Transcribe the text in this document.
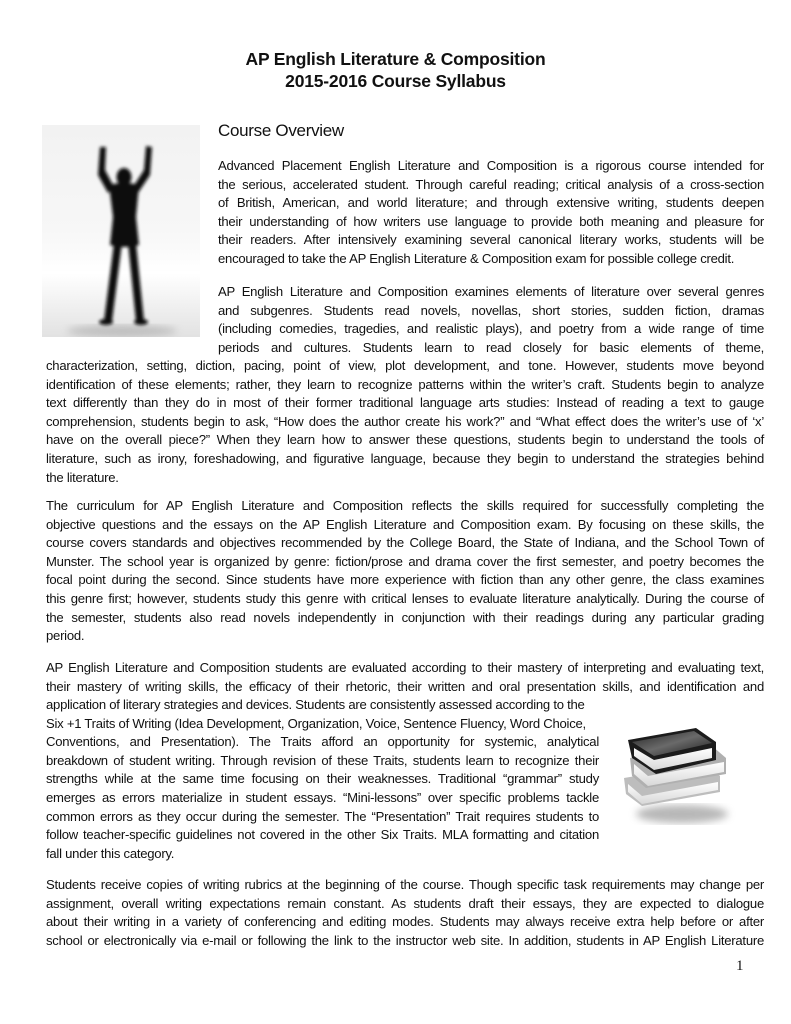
AP English Literature & Composition
2015-2016 Course Syllabus
Course Overview
Advanced Placement English Literature and Composition is a rigorous course intended for
the serious, accelerated student. Through careful reading; critical analysis of a cross-section
of British, American, and world literature; and through extensive writing, students deepen
their understanding of how writers use language to provide both meaning and pleasure for
their readers. After intensively examining several canonical literary works, students will be
encouraged to take the AP English Literature & Composition exam for possible college credit.
AP English Literature and Composition examines elements of literature over several genres
and subgenres. Students read novels, novellas, short stories, sudden fiction, dramas
(including comedies, tragedies, and realistic plays), and poetry from a wide range of time
periods and cultures. Students learn to read closely for basic elements of theme,
characterization, setting, diction, pacing, point of view, plot development, and tone. However, students move beyond
identification of these elements; rather, they learn to recognize patterns within the writer’s craft. Students begin to analyze
text differently than they do in most of their former traditional language arts studies: Instead of reading a text to gauge
comprehension, students begin to ask, “How does the author create his work?” and “What effect does the writer’s use of ‘x’
have on the overall piece?” When they learn how to answer these questions, students begin to understand the tools of
literature, such as irony, foreshadowing, and figurative language, because they begin to understand the strategies behind
the literature.
The curriculum for AP English Literature and Composition reflects the skills required for successfully completing the
objective questions and the essays on the AP English Literature and Composition exam. By focusing on these skills, the
course covers standards and objectives recommended by the College Board, the State of Indiana, and the School Town of
Munster. The school year is organized by genre: fiction/prose and drama cover the first semester, and poetry becomes the
focal point during the second. Since students have more experience with fiction than any other genre, the class examines
this genre first; however, students study this genre with critical lenses to evaluate literature analytically. During the course of
the semester, students also read novels independently in conjunction with their readings during any particular grading
period.
AP English Literature and Composition students are evaluated according to their mastery of interpreting and evaluating text,
their mastery of writing skills, the efficacy of their rhetoric, their written and oral presentation skills, and identification and
application of literary strategies and devices. Students are consistently assessed according to the
Six +1 Traits of Writing (Idea Development, Organization, Voice, Sentence Fluency, Word Choice,
Conventions, and Presentation). The Traits afford an opportunity for systemic, analytical
breakdown of student writing. Through revision of these Traits, students learn to recognize their
strengths while at the same time focusing on their weaknesses. Traditional “grammar” study
emerges as errors materialize in student essays. “Mini-lessons” over specific problems tackle
common errors as they occur during the semester. The “Presentation” Trait requires students to
follow teacher-specific guidelines not covered in the other Six Traits. MLA formatting and citation
fall under this category.
Students receive copies of writing rubrics at the beginning of the course. Though specific task requirements may change per
assignment, overall writing expectations remain constant. As students draft their essays, they are expected to dialogue
about their writing in a variety of conferencing and editing modes. Students may always receive extra help before or after
school or electronically via e-mail or following the link to the instructor web site. In addition, students in AP English Literature
1
